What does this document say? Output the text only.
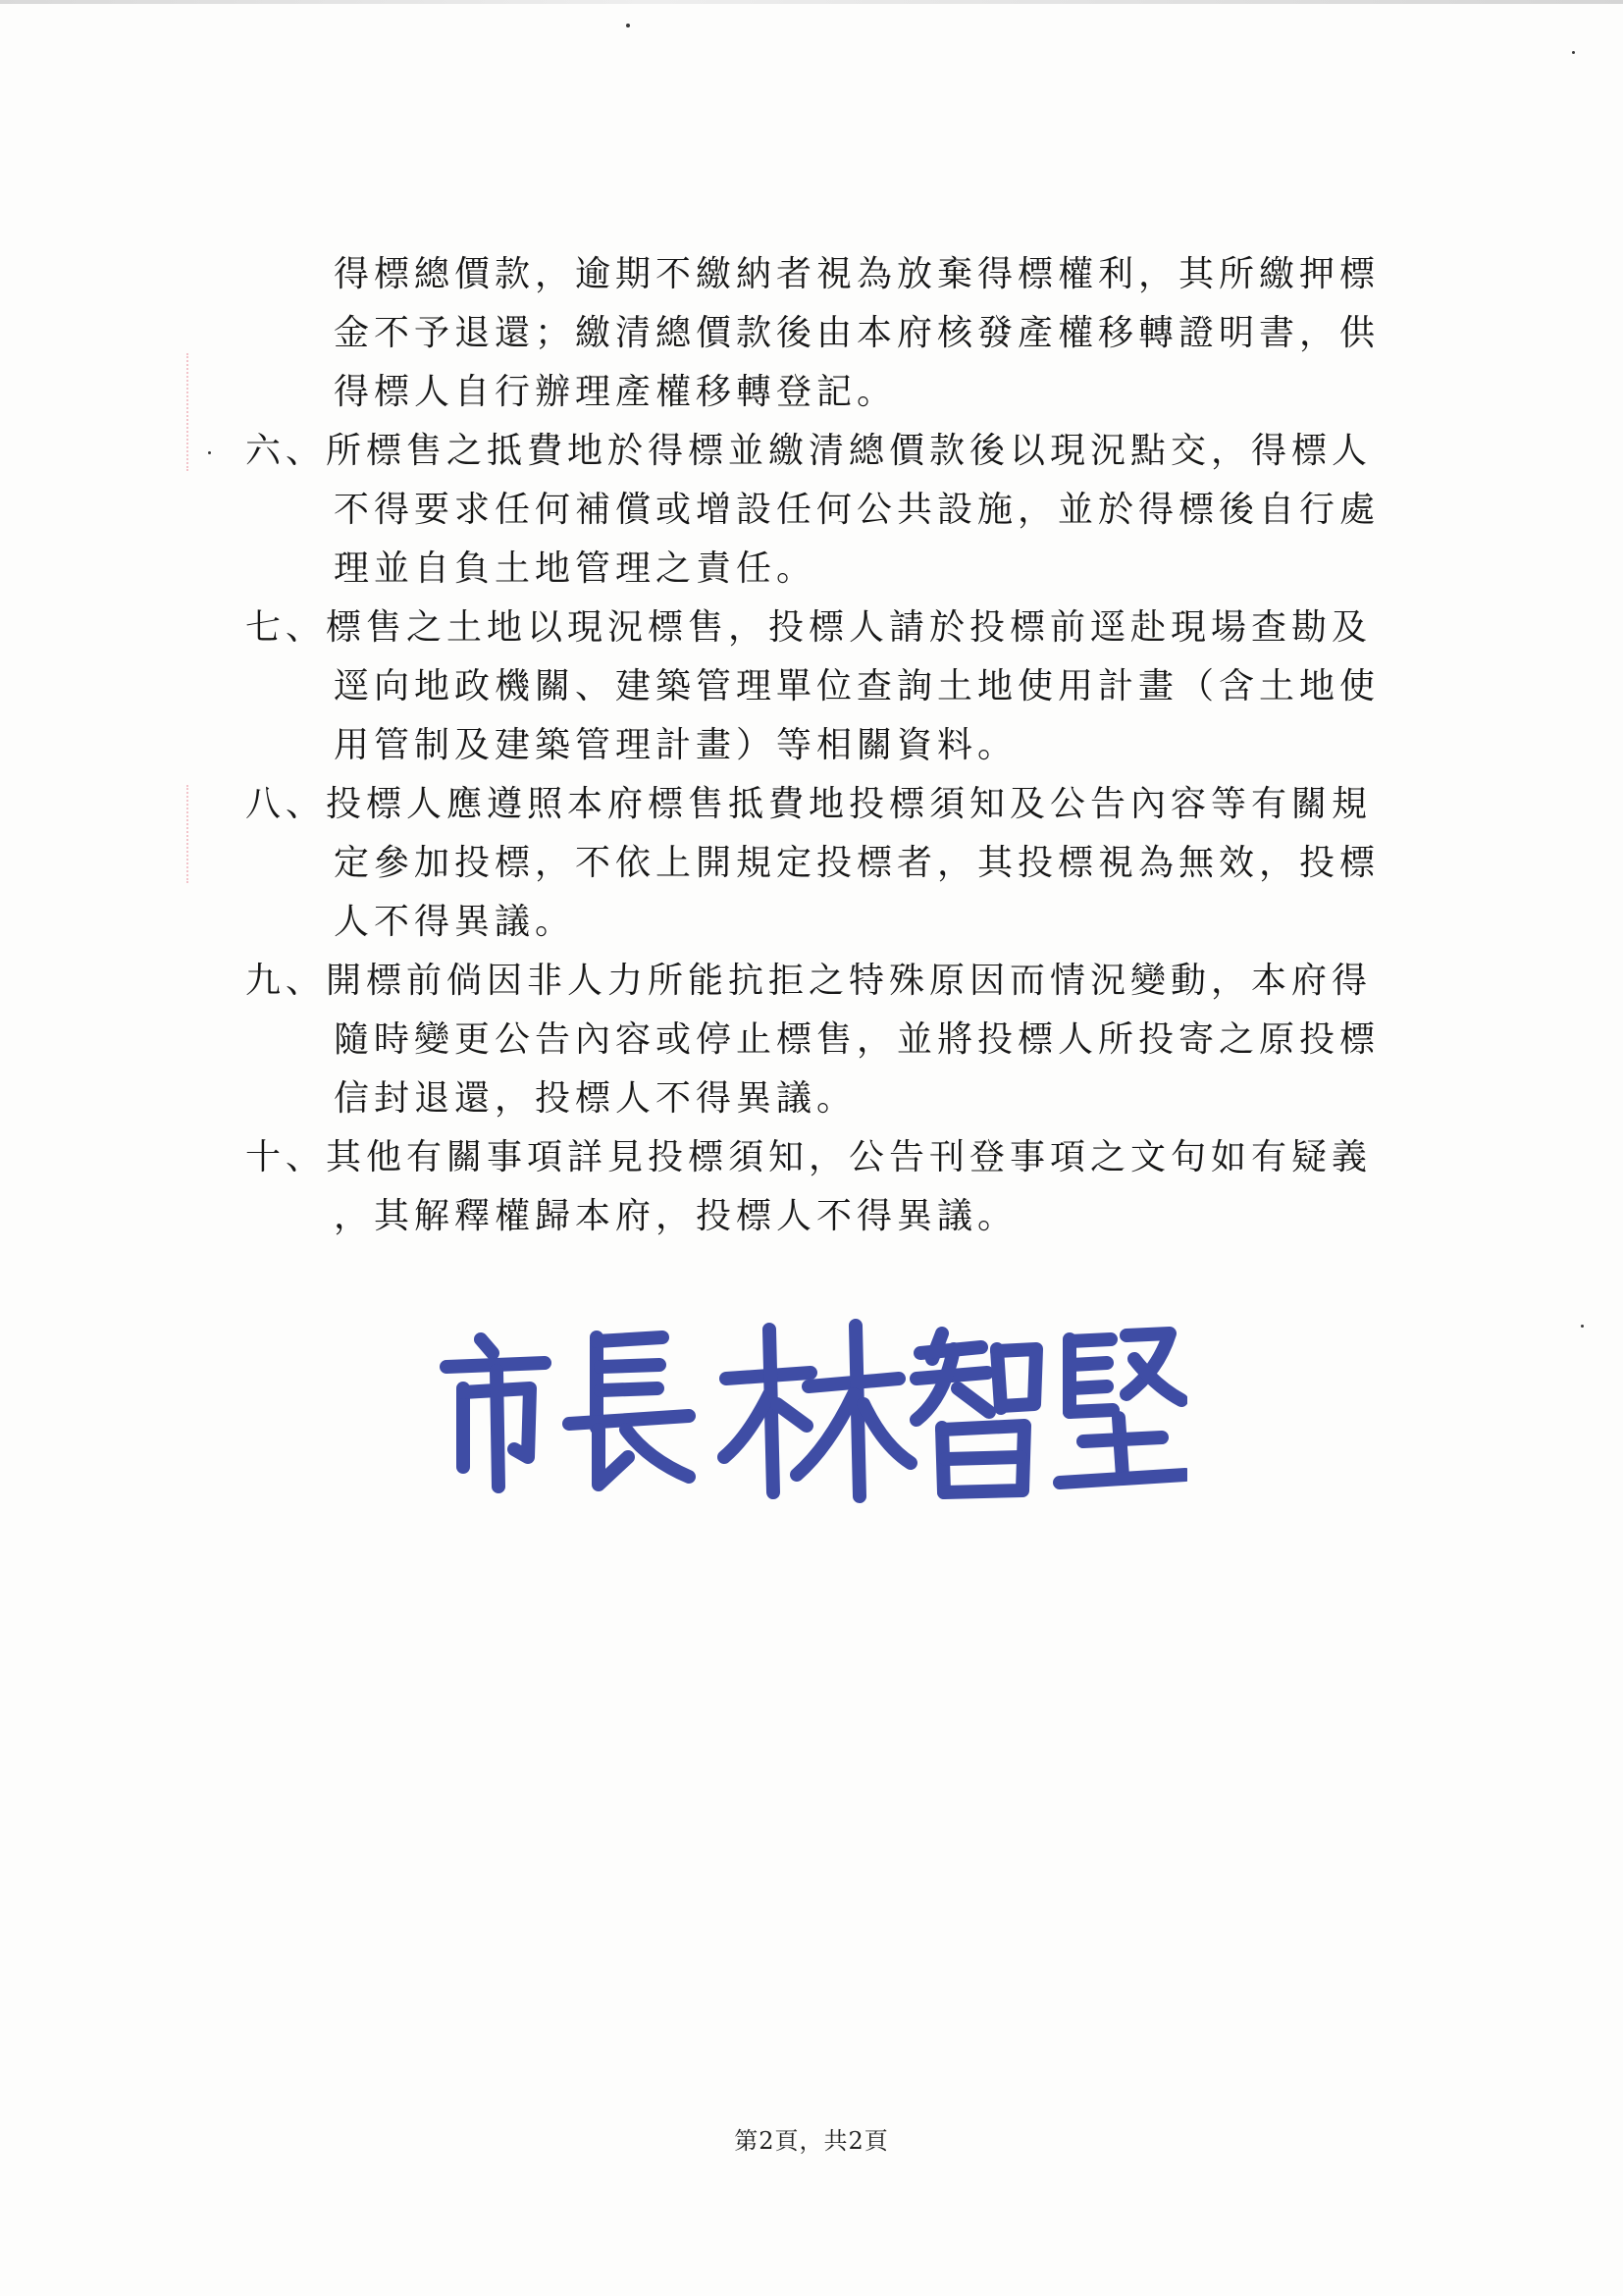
得標總價款，逾期不繳納者視為放棄得標權利，其所繳押標
金不予退還；繳清總價款後由本府核發產權移轉證明書，供
得標人自行辦理產權移轉登記。
六、 所標售之抵費地於得標並繳清總價款後以現況點交，得標人
不得要求任何補償或增設任何公共設施，並於得標後自行處
理並自負土地管理之責任。
七、 標售之土地以現況標售，投標人請於投標前逕赴現場查勘及
逕向地政機關、建築管理單位查詢土地使用計畫（含土地使
用管制及建築管理計畫）等相關資料。
八、 投標人應遵照本府標售抵費地投標須知及公告內容等有關規
定參加投標，不依上開規定投標者，其投標視為無效，投標
人不得異議。
九、 開標前倘因非人力所能抗拒之特殊原因而情況變動，本府得
隨時變更公告內容或停止標售，並將投標人所投寄之原投標
信封退還，投標人不得異議。
十、 其他有關事項詳見投標須知，公告刊登事項之文句如有疑義
，其解釋權歸本府，投標人不得異議。
第2頁，共2頁
